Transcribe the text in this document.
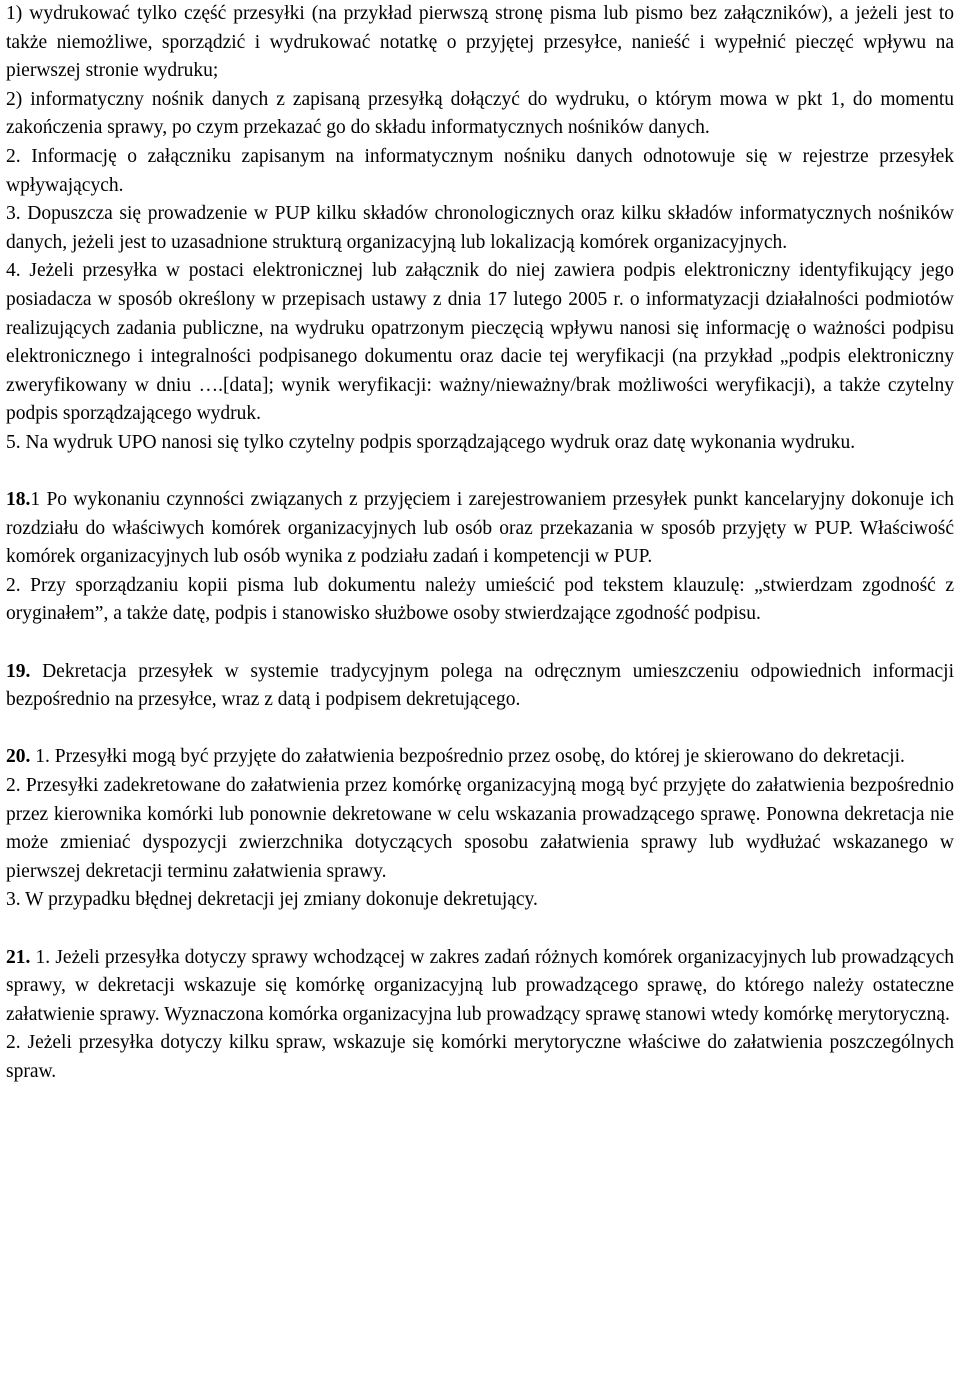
1) wydrukować tylko część przesyłki (na przykład pierwszą stronę pisma lub pismo bez załączników), a jeżeli jest to także niemożliwe, sporządzić i wydrukować notatkę o przyjętej przesyłce, nanieść i wypełnić pieczęć wpływu na pierwszej stronie wydruku;

2) informatyczny nośnik danych z zapisaną przesyłką dołączyć do wydruku, o którym mowa w pkt 1, do momentu zakończenia sprawy, po czym przekazać go do składu informatycznych nośników danych.

2. Informację o załączniku zapisanym na informatycznym nośniku danych odnotowuje się w rejestrze przesyłek wpływających.

3. Dopuszcza się prowadzenie w PUP kilku składów chronologicznych oraz kilku składów informatycznych nośników danych, jeżeli jest to uzasadnione strukturą organizacyjną lub lokalizacją komórek organizacyjnych.

4. Jeżeli przesyłka w postaci elektronicznej lub załącznik do niej zawiera podpis elektroniczny identyfikujący jego posiadacza w sposób określony w przepisach ustawy z dnia 17 lutego 2005 r. o informatyzacji działalności podmiotów realizujących zadania publiczne, na wydruku opatrzonym pieczęcią wpływu nanosi się informację o ważności podpisu elektronicznego i integralności podpisanego dokumentu oraz dacie tej weryfikacji (na przykład „podpis elektroniczny zweryfikowany w dniu ….[data]; wynik weryfikacji: ważny/nieważny/brak możliwości weryfikacji), a także czytelny podpis sporządzającego wydruk.

5. Na wydruk UPO nanosi się tylko czytelny podpis sporządzającego wydruk oraz datę wykonania wydruku.

18.1 Po wykonaniu czynności związanych z przyjęciem i zarejestrowaniem przesyłek punkt kancelaryjny dokonuje ich rozdziału do właściwych komórek organizacyjnych lub osób oraz przekazania w sposób przyjęty w PUP. Właściwość komórek organizacyjnych lub osób wynika z podziału zadań i kompetencji w PUP.

2. Przy sporządzaniu kopii pisma lub dokumentu należy umieścić pod tekstem klauzulę: „stwierdzam zgodność z oryginałem”, a także datę, podpis i stanowisko służbowe osoby stwierdzające zgodność podpisu.

19. Dekretacja przesyłek w systemie tradycyjnym polega na odręcznym umieszczeniu odpowiednich informacji bezpośrednio na przesyłce, wraz z datą i podpisem dekretującego.

20. 1. Przesyłki mogą być przyjęte do załatwienia bezpośrednio przez osobę, do której je skierowano do dekretacji.

2. Przesyłki zadekretowane do załatwienia przez komórkę organizacyjną mogą być przyjęte do załatwienia bezpośrednio przez kierownika komórki lub ponownie dekretowane w celu wskazania prowadzącego sprawę. Ponowna dekretacja nie może zmieniać dyspozycji zwierzchnika dotyczących sposobu załatwienia sprawy lub wydłużać wskazanego w pierwszej dekretacji terminu załatwienia sprawy.

3. W przypadku błędnej dekretacji jej zmiany dokonuje dekretujący.

21. 1. Jeżeli przesyłka dotyczy sprawy wchodzącej w zakres zadań różnych komórek organizacyjnych lub prowadzących sprawy, w dekretacji wskazuje się komórkę organizacyjną lub prowadzącego sprawę, do którego należy ostateczne załatwienie sprawy. Wyznaczona komórka organizacyjna lub prowadzący sprawę stanowi wtedy komórkę merytoryczną.

2. Jeżeli przesyłka dotyczy kilku spraw, wskazuje się komórki merytoryczne właściwe do załatwienia poszczególnych spraw.
